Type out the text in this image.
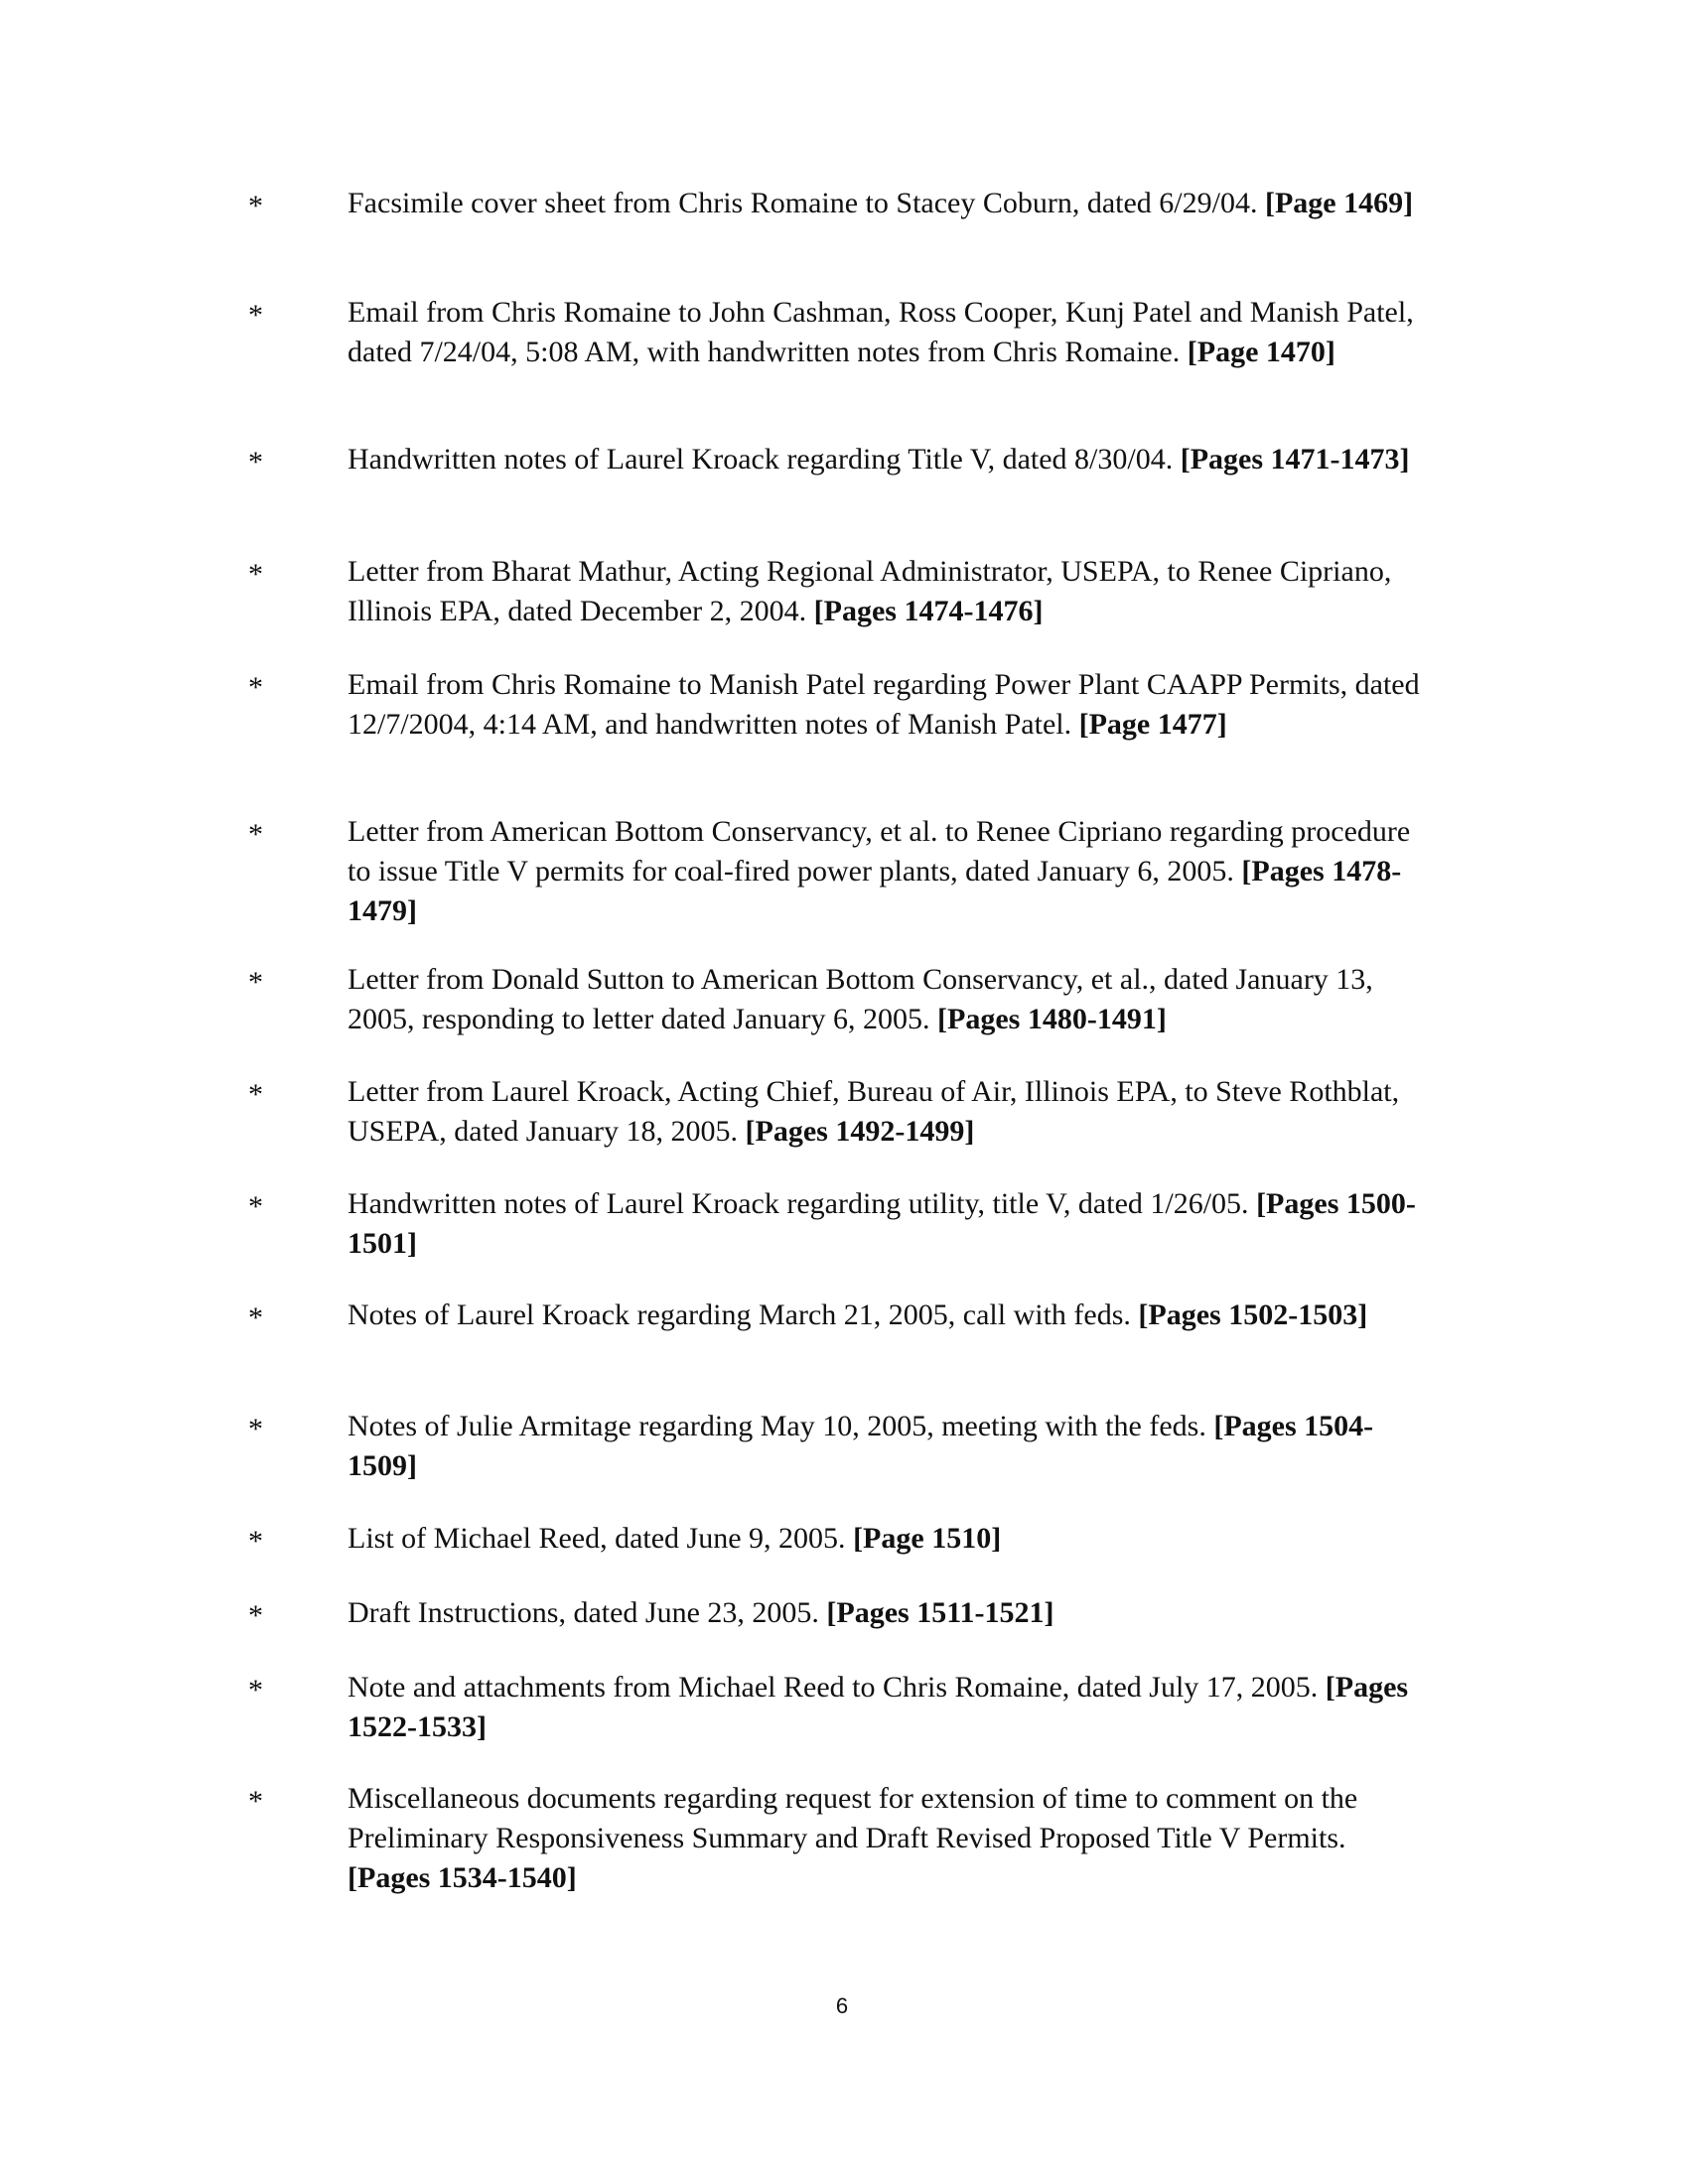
*	Facsimile cover sheet from Chris Romaine to Stacey Coburn, dated 6/29/04. [Page 1469]
*	Email from Chris Romaine to John Cashman, Ross Cooper, Kunj Patel and Manish Patel, dated 7/24/04, 5:08 AM, with handwritten notes from Chris Romaine. [Page 1470]
*	Handwritten notes of Laurel Kroack regarding Title V, dated 8/30/04. [Pages 1471-1473]
*	Letter from Bharat Mathur, Acting Regional Administrator, USEPA, to Renee Cipriano, Illinois EPA, dated December 2, 2004. [Pages 1474-1476]
*	Email from Chris Romaine to Manish Patel regarding Power Plant CAAPP Permits, dated 12/7/2004, 4:14 AM, and handwritten notes of Manish Patel. [Page 1477]
*	Letter from American Bottom Conservancy, et al. to Renee Cipriano regarding procedure to issue Title V permits for coal-fired power plants, dated January 6, 2005. [Pages 1478-1479]
*	Letter from Donald Sutton to American Bottom Conservancy, et al., dated January 13, 2005, responding to letter dated January 6, 2005. [Pages 1480-1491]
*	Letter from Laurel Kroack, Acting Chief, Bureau of Air, Illinois EPA, to Steve Rothblat, USEPA, dated January 18, 2005. [Pages 1492-1499]
*	Handwritten notes of Laurel Kroack regarding utility, title V, dated 1/26/05. [Pages 1500-1501]
*	Notes of Laurel Kroack regarding March 21, 2005, call with feds. [Pages 1502-1503]
*	Notes of Julie Armitage regarding May 10, 2005, meeting with the feds. [Pages 1504-1509]
*	List of Michael Reed, dated June 9, 2005. [Page 1510]
*	Draft Instructions, dated June 23, 2005. [Pages 1511-1521]
*	Note and attachments from Michael Reed to Chris Romaine, dated July 17, 2005. [Pages 1522-1533]
*	Miscellaneous documents regarding request for extension of time to comment on the Preliminary Responsiveness Summary and Draft Revised Proposed Title V Permits. [Pages 1534-1540]
6
